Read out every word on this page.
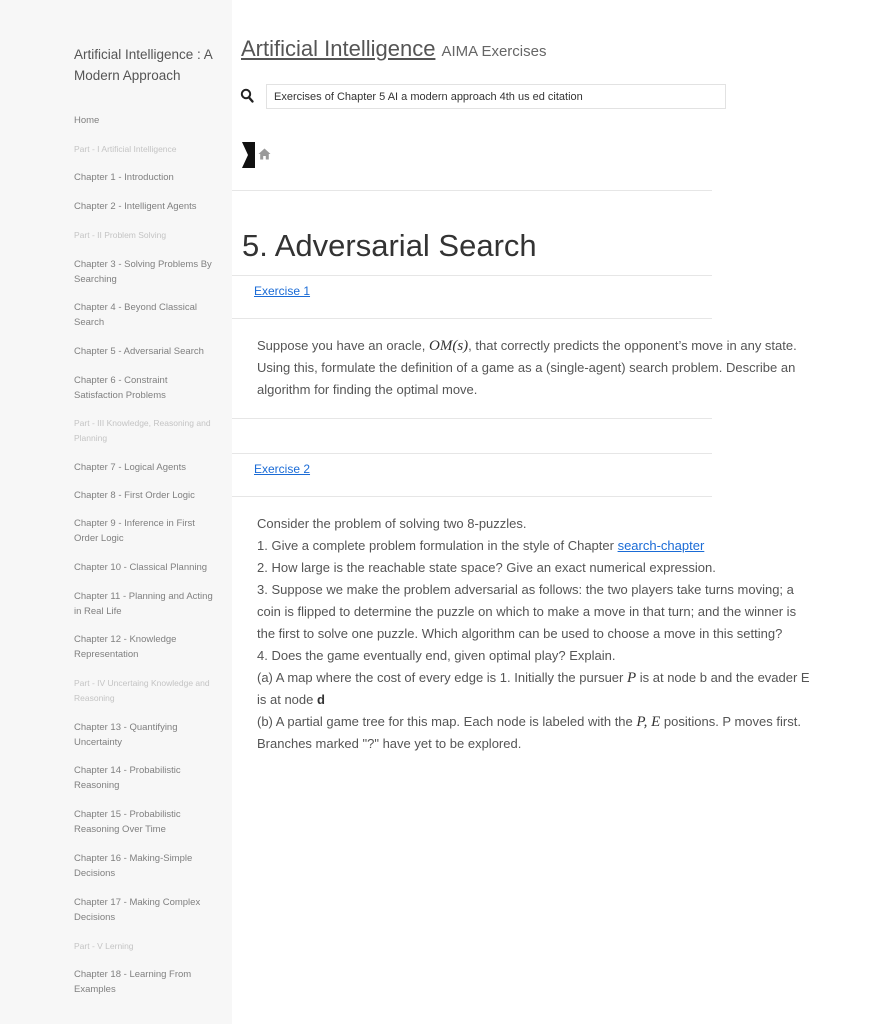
Artificial Intelligence : A Modern Approach
Home
Part - I Artificial Intelligence
Chapter 1 - Introduction
Chapter 2 - Intelligent Agents
Part - II Problem Solving
Chapter 3 - Solving Problems By Searching
Chapter 4 - Beyond Classical Search
Chapter 5 - Adversarial Search
Chapter 6 - Constraint Satisfaction Problems
Part - III Knowledge, Reasoning and Planning
Chapter 7 - Logical Agents
Chapter 8 - First Order Logic
Chapter 9 - Inference in First Order Logic
Chapter 10 - Classical Planning
Chapter 11 - Planning and Acting in Real Life
Chapter 12 - Knowledge Representation
Part - IV Uncertaing Knowledge and Reasoning
Chapter 13 - Quantifying Uncertainty
Chapter 14 - Probabilistic Reasoning
Chapter 15 - Probabilistic Reasoning Over Time
Chapter 16 - Making-Simple Decisions
Chapter 17 - Making Complex Decisions
Part - V Lerning
Chapter 18 - Learning From Examples
Artificial Intelligence AIMA Exercises
Exercises of Chapter 5 AI a modern approach 4th us ed citation
5. Adversarial Search
Exercise 1
Suppose you have an oracle, OM(s), that correctly predicts the opponent’s move in any state.
Using this, formulate the definition of a game as a (single-agent) search problem. Describe an
algorithm for finding the optimal move.
Exercise 2
Consider the problem of solving two 8-puzzles.
1. Give a complete problem formulation in the style of Chapter search-chapter
2. How large is the reachable state space? Give an exact numerical expression.
3. Suppose we make the problem adversarial as follows: the two players take turns moving; a
coin is flipped to determine the puzzle on which to make a move in that turn; and the winner is
the first to solve one puzzle. Which algorithm can be used to choose a move in this setting?
4. Does the game eventually end, given optimal play? Explain.
(a) A map where the cost of every edge is 1. Initially the pursuer P is at node b and the evader E
is at node d
(b) A partial game tree for this map. Each node is labeled with the P, E positions. P moves first.
Branches marked "?" have yet to be explored.
